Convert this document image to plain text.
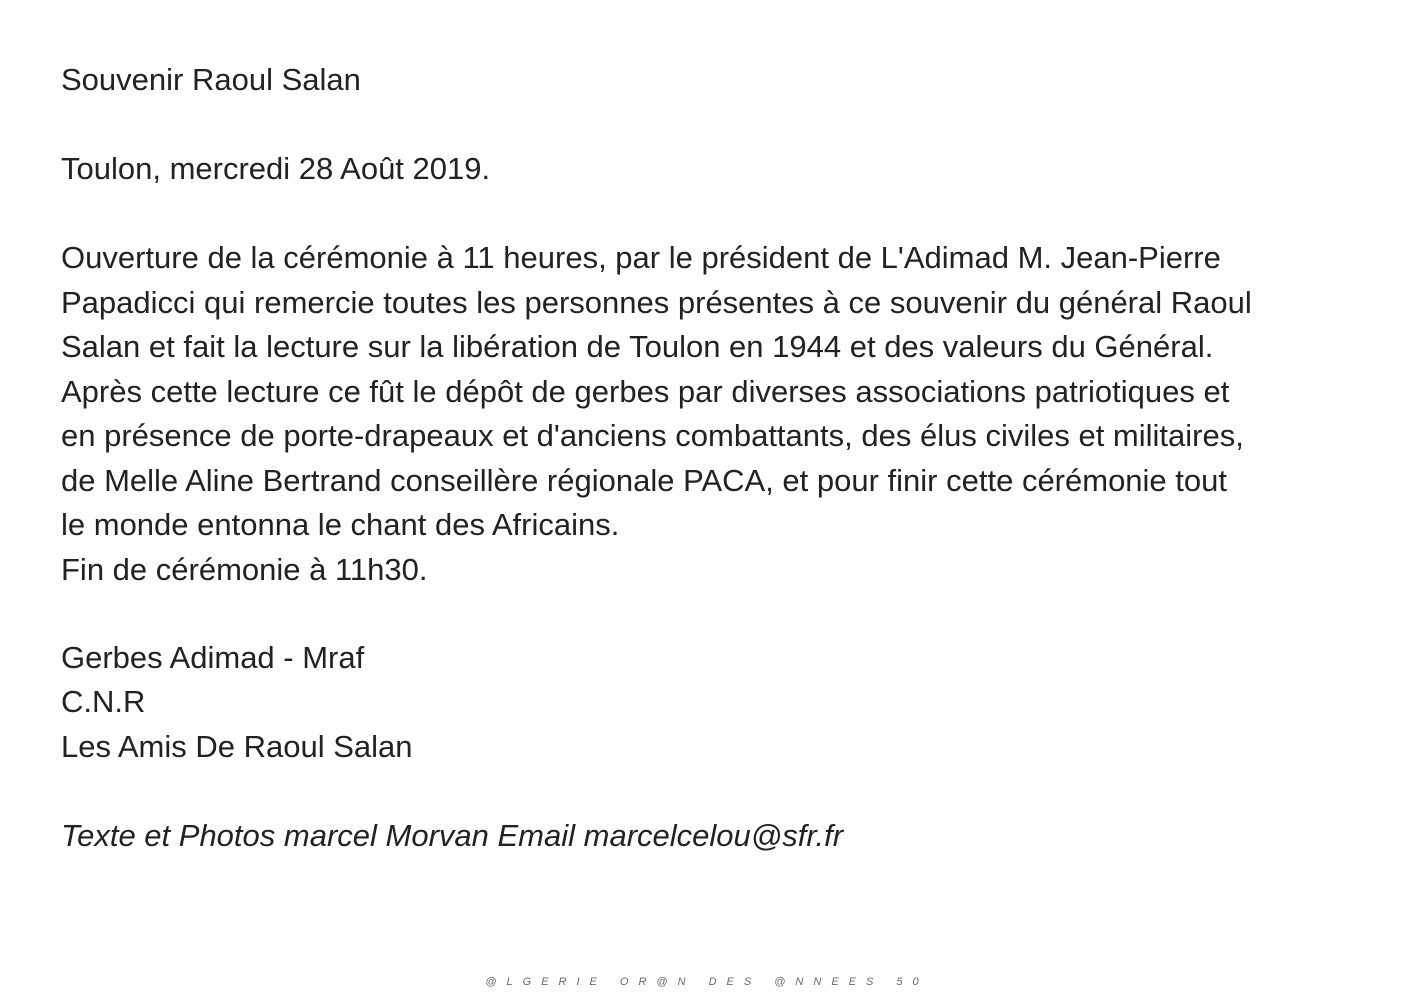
Souvenir Raoul Salan

Toulon, mercredi 28 Août 2019.

Ouverture de la cérémonie à 11 heures, par le président de L'Adimad M. Jean-Pierre
Papadicci qui remercie toutes les personnes présentes à ce souvenir du général Raoul
Salan et fait la lecture sur la libération de Toulon en 1944 et des valeurs du Général.
Après cette lecture ce fût le dépôt de gerbes par diverses associations patriotiques et
en présence de porte-drapeaux et d'anciens combattants, des élus civiles et militaires,
de Melle Aline Bertrand conseillère régionale PACA, et pour finir cette cérémonie tout
le monde entonna le chant des Africains.
Fin de cérémonie à 11h30.

Gerbes Adimad - Mraf

C.N.R

Les Amis De Raoul Salan

Texte et Photos marcel Morvan Email marcelcelou@sfr.fr

@LGERIE OR@N DES @NNEES 50
